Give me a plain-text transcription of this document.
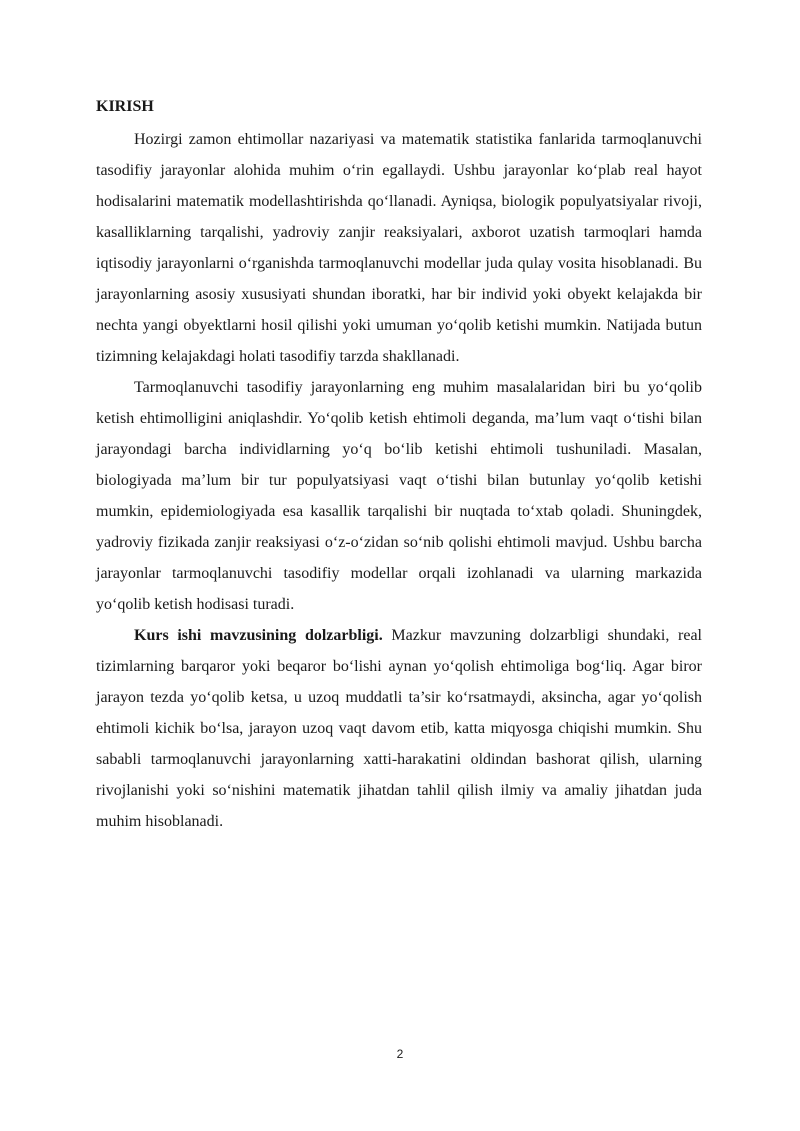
KIRISH

Hozirgi zamon ehtimollar nazariyasi va matematik statistika fanlarida tarmoqlanuvchi tasodifiy jarayonlar alohida muhim o‘rin egallaydi. Ushbu jarayonlar ko‘plab real hayot hodisalarini matematik modellashtirishda qo‘llanadi. Ayniqsa, biologik populyatsiyalar rivoji, kasalliklarning tarqalishi, yadroviy zanjir reaksiyalari, axborot uzatish tarmoqlari hamda iqtisodiy jarayonlarni o‘rganishda tarmoqlanuvchi modellar juda qulay vosita hisoblanadi. Bu jarayonlarning asosiy xususiyati shundan iboratki, har bir individ yoki obyekt kelajakda bir nechta yangi obyektlarni hosil qilishi yoki umuman yo‘qolib ketishi mumkin. Natijada butun tizimning kelajakdagi holati tasodifiy tarzda shakllanadi.

Tarmoqlanuvchi tasodifiy jarayonlarning eng muhim masalalaridan biri bu yo‘qolib ketish ehtimolligini aniqlashdir. Yo‘qolib ketish ehtimoli deganda, ma’lum vaqt o‘tishi bilan jarayondagi barcha individlarning yo‘q bo‘lib ketishi ehtimoli tushuniladi. Masalan, biologiyada ma’lum bir tur populyatsiyasi vaqt o‘tishi bilan butunlay yo‘qolib ketishi mumkin, epidemiologiyada esa kasallik tarqalishi bir nuqtada to‘xtab qoladi. Shuningdek, yadroviy fizikada zanjir reaksiyasi o‘z-o‘zidan so‘nib qolishi ehtimoli mavjud. Ushbu barcha jarayonlar tarmoqlanuvchi tasodifiy modellar orqali izohlanadi va ularning markazida yo‘qolib ketish hodisasi turadi.

Kurs ishi mavzusining dolzarbligi. Mazkur mavzuning dolzarbligi shundaki, real tizimlarning barqaror yoki beqaror bo‘lishi aynan yo‘qolish ehtimoliga bog‘liq. Agar biror jarayon tezda yo‘qolib ketsa, u uzoq muddatli ta’sir ko‘rsatmaydi, aksincha, agar yo‘qolish ehtimoli kichik bo‘lsa, jarayon uzoq vaqt davom etib, katta miqyosga chiqishi mumkin. Shu sababli tarmoqlanuvchi jarayonlarning xatti-harakatini oldindan bashorat qilish, ularning rivojlanishi yoki so‘nishini matematik jihatdan tahlil qilish ilmiy va amaliy jihatdan juda muhim hisoblanadi.

2
